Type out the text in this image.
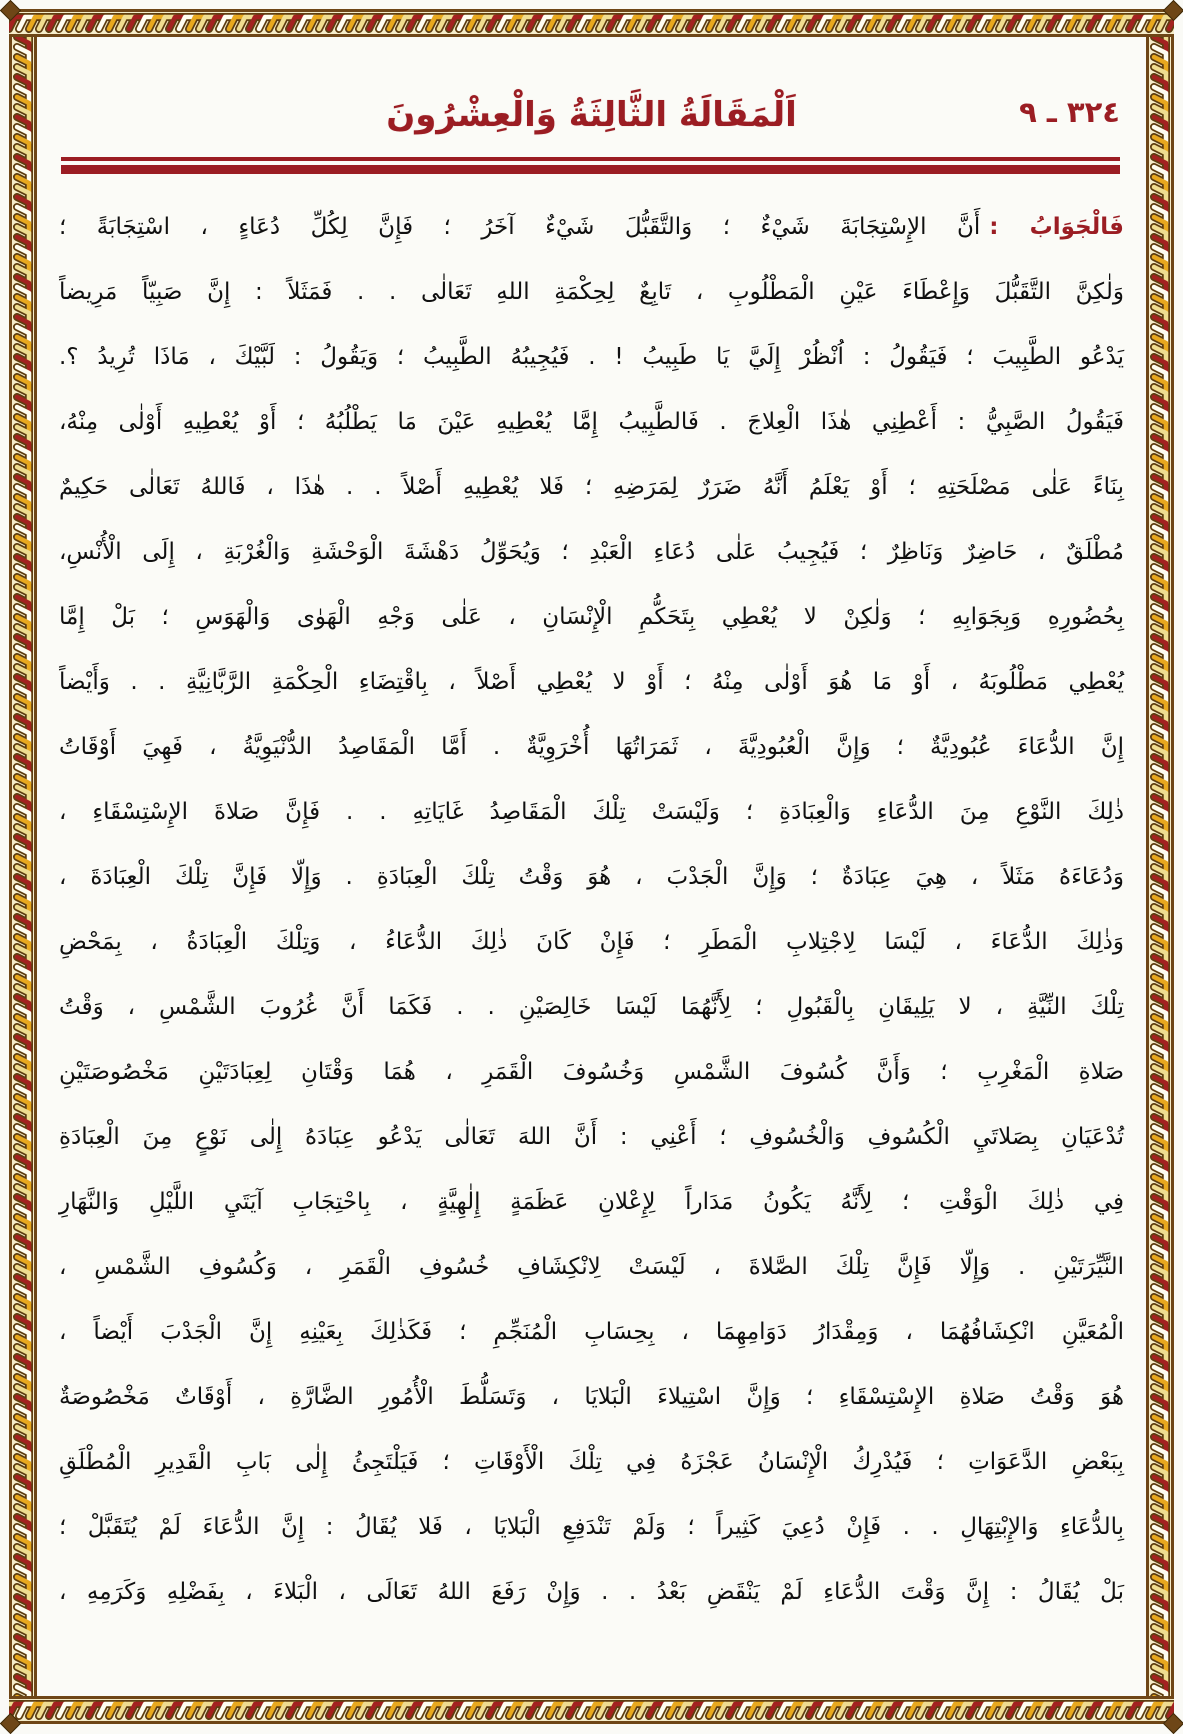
٣٢٤ ـ ٩
اَلْمَقَالَةُ الثَّالِثَةُ وَالْعِشْرُونَ
فَالْجَوَابُ :أَنَّ الإِسْتِجَابَةَ شَيْءٌ ؛ وَالتَّقَبُّلَ شَيْءٌ آخَرُ ؛ فَإِنَّ لِكُلِّ دُعَاءٍ ، اسْتِجَابَةً ؛
وَلٰكِنَّ التَّقَبُّلَ وَإِعْطَاءَ عَيْنِ الْمَطْلُوبِ ، تَابِعٌ لِحِكْمَةِ اللهِ تَعَالٰى . . فَمَثَلاً : إِنَّ صَبِيّاً مَرِيضاً
يَدْعُو الطَّبِيبَ ؛ فَيَقُولُ : اُنْظُرْ إِلَيَّ يَا طَبِيبُ ! . فَيُجِيبُهُ الطَّبِيبُ ؛ وَيَقُولُ : لَبَّيْكَ ، مَاذَا تُرِيدُ ؟.
فَيَقُولُ الصَّبِيُّ : أَعْطِنِي هٰذَا الْعِلاجَ . فَالطَّبِيبُ إِمَّا يُعْطِيهِ عَيْنَ مَا يَطْلُبُهُ ؛ أَوْ يُعْطِيهِ أَوْلٰى مِنْهُ،
بِنَاءً عَلٰى مَصْلَحَتِهِ ؛ أَوْ يَعْلَمُ أَنَّهُ ضَرَرٌ لِمَرَضِهِ ؛ فَلا يُعْطِيهِ أَصْلاً . . هٰذَا ، فَاللهُ تَعَالٰى حَكِيمٌ
مُطْلَقٌ ، حَاضِرٌ وَنَاظِرٌ ؛ فَيُجِيبُ عَلٰى دُعَاءِ الْعَبْدِ ؛ وَيُحَوِّلُ دَهْشَةَ الْوَحْشَةِ وَالْغُرْبَةِ ، إِلَى الْأُنْسِ،
بِحُضُورِهِ وَبِجَوَابِهِ ؛ وَلٰكِنْ لا يُعْطِي بِتَحَكُّمِ الْإِنْسَانِ ، عَلٰى وَجْهِ الْهَوٰى وَالْهَوَسِ ؛ بَلْ إِمَّا
يُعْطِي مَطْلُوبَهُ ، أَوْ مَا هُوَ أَوْلٰى مِنْهُ ؛ أَوْ لا يُعْطِي أَصْلاً ، بِاقْتِضَاءِ الْحِكْمَةِ الرَّبَّانِيَّةِ . . وَأَيْضاً
إِنَّ الدُّعَاءَ عُبُودِيَّةٌ ؛ وَإِنَّ الْعُبُودِيَّةَ ، ثَمَرَاتُهَا أُخْرَوِيَّةٌ . أَمَّا الْمَقَاصِدُ الدُّنْيَوِيَّةُ ، فَهِيَ أَوْقَاتُ
ذٰلِكَ النَّوْعِ مِنَ الدُّعَاءِ وَالْعِبَادَةِ ؛ وَلَيْسَتْ تِلْكَ الْمَقَاصِدُ غَايَاتِهِ . . فَإِنَّ صَلاةَ الإِسْتِسْقَاءِ ،
وَدُعَاءَهُ مَثَلاً ، هِيَ عِبَادَةٌ ؛ وَإِنَّ الْجَدْبَ ، هُوَ وَقْتُ تِلْكَ الْعِبَادَةِ . وَإِلّا فَإِنَّ تِلْكَ الْعِبَادَةَ ،
وَذٰلِكَ الدُّعَاءَ ، لَيْسَا لِاجْتِلابِ الْمَطَرِ ؛ فَإِنْ كَانَ ذٰلِكَ الدُّعَاءُ ، وَتِلْكَ الْعِبَادَةُ ، بِمَحْضِ
تِلْكَ النِّيَّةِ ، لا يَلِيقَانِ بِالْقَبُولِ ؛ لِأَنَّهُمَا لَيْسَا خَالِصَيْنِ . . فَكَمَا أَنَّ غُرُوبَ الشَّمْسِ ، وَقْتُ
صَلاةِ الْمَغْرِبِ ؛ وَأَنَّ كُسُوفَ الشَّمْسِ وَخُسُوفَ الْقَمَرِ ، هُمَا وَقْتَانِ لِعِبَادَتَيْنِ مَخْصُوصَتَيْنِ
تُدْعَيَانِ بِصَلاتَيِ الْكُسُوفِ وَالْخُسُوفِ ؛ أَعْنِي : أَنَّ اللهَ تَعَالٰى يَدْعُو عِبَادَهُ إِلٰى نَوْعٍ مِنَ الْعِبَادَةِ
فِي ذٰلِكَ الْوَقْتِ ؛ لِأَنَّهُ يَكُونُ مَدَاراً لِإِعْلانِ عَظَمَةٍ إِلٰهِيَّةٍ ، بِاحْتِجَابِ آيَتَيِ اللَّيْلِ وَالنَّهَارِ
النَّيِّرَتَيْنِ . وَإِلّا فَإِنَّ تِلْكَ الصَّلاةَ ، لَيْسَتْ لِانْكِشَافِ خُسُوفِ الْقَمَرِ ، وَكُسُوفِ الشَّمْسِ ،
الْمُعَيَّنِ انْكِشَافُهُمَا ، وَمِقْدَارُ دَوَامِهِمَا ، بِحِسَابِ الْمُنَجِّمِ ؛ فَكَذٰلِكَ بِعَيْنِهِ إِنَّ الْجَدْبَ أَيْضاً ،
هُوَ وَقْتُ صَلاةِ الإِسْتِسْقَاءِ ؛ وَإِنَّ اسْتِيلاءَ الْبَلايَا ، وَتَسَلُّطَ الْأُمُورِ الضَّارَّةِ ، أَوْقَاتٌ مَخْصُوصَةٌ
بِبَعْضِ الدَّعَوَاتِ ؛ فَيُدْرِكُ الْإِنْسَانُ عَجْزَهُ فِي تِلْكَ الْأَوْقَاتِ ؛ فَيَلْتَجِئُ إِلٰى بَابِ الْقَدِيرِ الْمُطْلَقِ
بِالدُّعَاءِ وَالإِبْتِهَالِ . . فَإِنْ دُعِيَ كَثِيراً ؛ وَلَمْ تَنْدَفِعِ الْبَلايَا ، فَلا يُقَالُ : إِنَّ الدُّعَاءَ لَمْ يُتَقَبَّلْ ؛
بَلْ يُقَالُ : إِنَّ وَقْتَ الدُّعَاءِ لَمْ يَنْقَضِ بَعْدُ . . وَإِنْ رَفَعَ اللهُ تَعَالَى ، الْبَلاءَ ، بِفَضْلِهِ وَكَرَمِهِ ،
